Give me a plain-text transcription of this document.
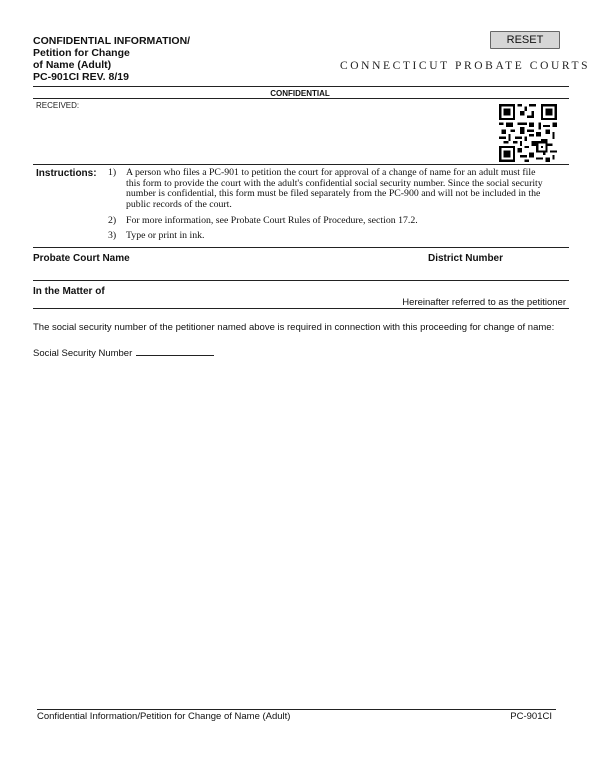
CONFIDENTIAL INFORMATION/
Petition for Change
of Name (Adult)
PC-901CI REV. 8/19
RESET
CONNECTICUT PROBATE COURTS
CONFIDENTIAL
RECEIVED:
Instructions: 1) A person who files a PC-901 to petition the court for approval of a change of name for an adult must file this form to provide the court with the adult's confidential social security number. Since the social security number is confidential, this form must be filed separately from the PC-900 and will not be included in the public records of the court.
2) For more information, see Probate Court Rules of Procedure, section 17.2.
3) Type or print in ink.
Probate Court Name	District Number
In the Matter of
Hereinafter referred to as the petitioner
The social security number of the petitioner named above is required in connection with this proceeding for change of name:
Social Security Number
Confidential Information/Petition for Change of Name (Adult)	PC-901CI
